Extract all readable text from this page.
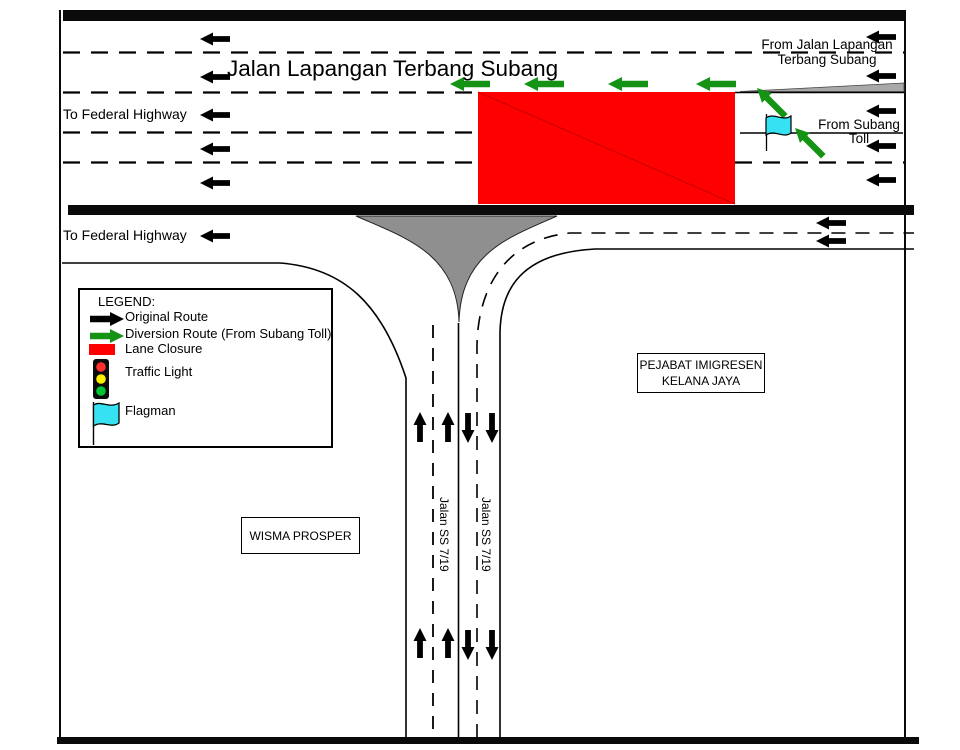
Jalan Lapangan Terbang Subang
To Federal Highway
To Federal Highway
From Jalan Lapangan
Terbang Subang
From Subang
Toll
Jalan SS 7/19 Jalan SS 7/19
WISMA PROSPER
PEJABAT IMIGRESEN
KELANA JAYA
LEGEND:
Original Route
Diversion Route (From Subang Toll)
Lane Closure
Traffic Light
Flagman
